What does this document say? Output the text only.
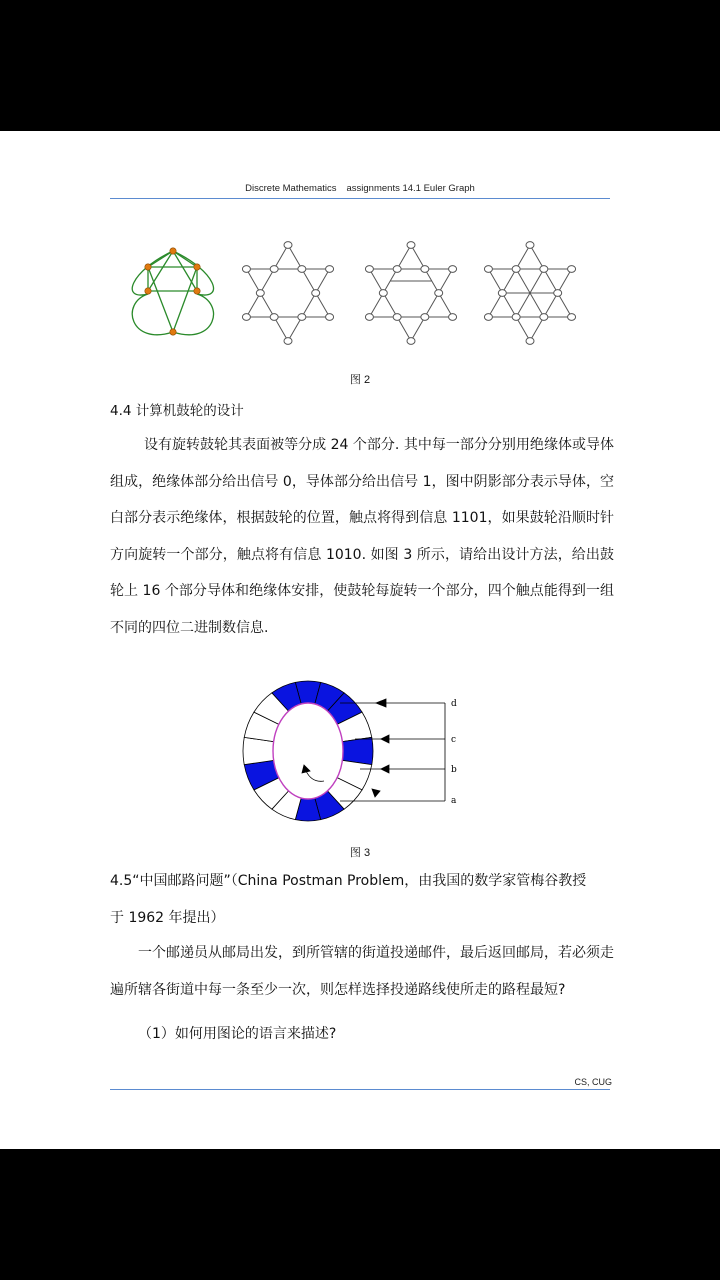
Discrete Mathematics assignments 14.1 Euler Graph
图 2
4.4 计算机鼓轮的设计
设有旋转鼓轮其表面被等分成 24 个部分. 其中每一部分分别用绝缘体或导体组成，绝缘体部分给出信号 0，导体部分给出信号 1，图中阴影部分表示导体，空白部分表示绝缘体，根据鼓轮的位置，触点将得到信息 1101，如果鼓轮沿顺时针方向旋转一个部分，触点将有信息 1010. 如图 3 所示，请给出设计方法，给出鼓轮上 16 个部分导体和绝缘体安排，使鼓轮每旋转一个部分，四个触点能得到一组不同的四位二进制数信息.
d
c
b
a
图 3
4.5“中国邮路问题”（China Postman Problem，由我国的数学家管梅谷教授
于 1962 年提出）
一个邮递员从邮局出发，到所管辖的街道投递邮件，最后返回邮局，若必须走遍所辖各街道中每一条至少一次，则怎样选择投递路线使所走的路程最短?
（1）如何用图论的语言来描述?
CS, CUG
